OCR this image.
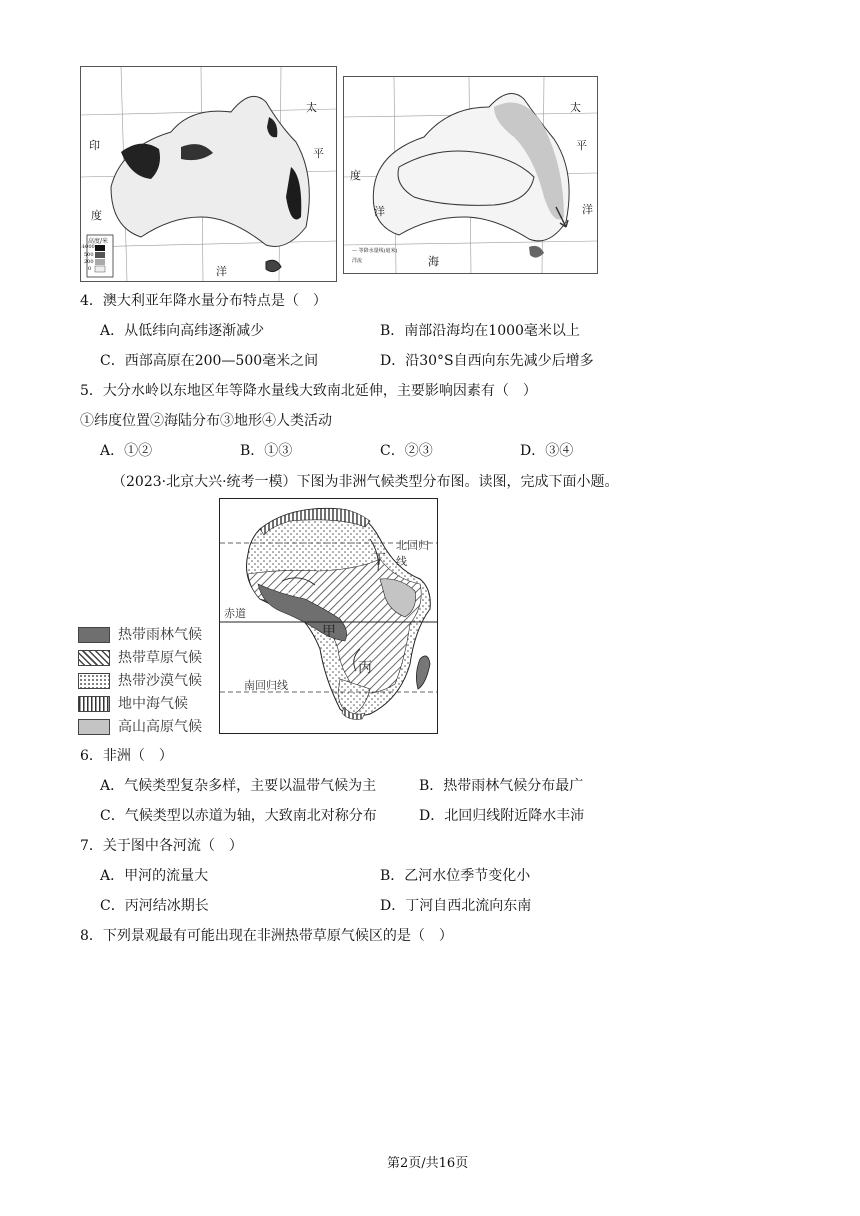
高度/米
1000
500
200
0
太
平
印
度
洋
太
平
洋
度
洋
海
— 等降水量线(毫米)
洋流
4．澳大利亚年降水量分布特点是（　）
A．从低纬向高纬逐渐减少	B．南部沿海均在1000毫米以上
C．西部高原在200—500毫米之间	D．沿30°S自西向东先减少后增多
5．大分水岭以东地区年等降水量线大致南北延伸，主要影响因素有（　）
①纬度位置②海陆分布③地形④人类活动
A．①②	B．①③	C．②③	D．③④
（2023·北京大兴·统考一模）下图为非洲气候类型分布图。读图，完成下面小题。
北回归线
赤道
南回归线
甲
乙
丙
丁
热带雨林气候
热带草原气候
热带沙漠气候
地中海气候
高山高原气候
6．非洲（　）
A．气候类型复杂多样，主要以温带气候为主	B．热带雨林气候分布最广
C．气候类型以赤道为轴，大致南北对称分布	D．北回归线附近降水丰沛
7．关于图中各河流（　）
A．甲河的流量大	B．乙河水位季节变化小
C．丙河结冰期长	D．丁河自西北流向东南
8．下列景观最有可能出现在非洲热带草原气候区的是（　）
第2页/共16页
